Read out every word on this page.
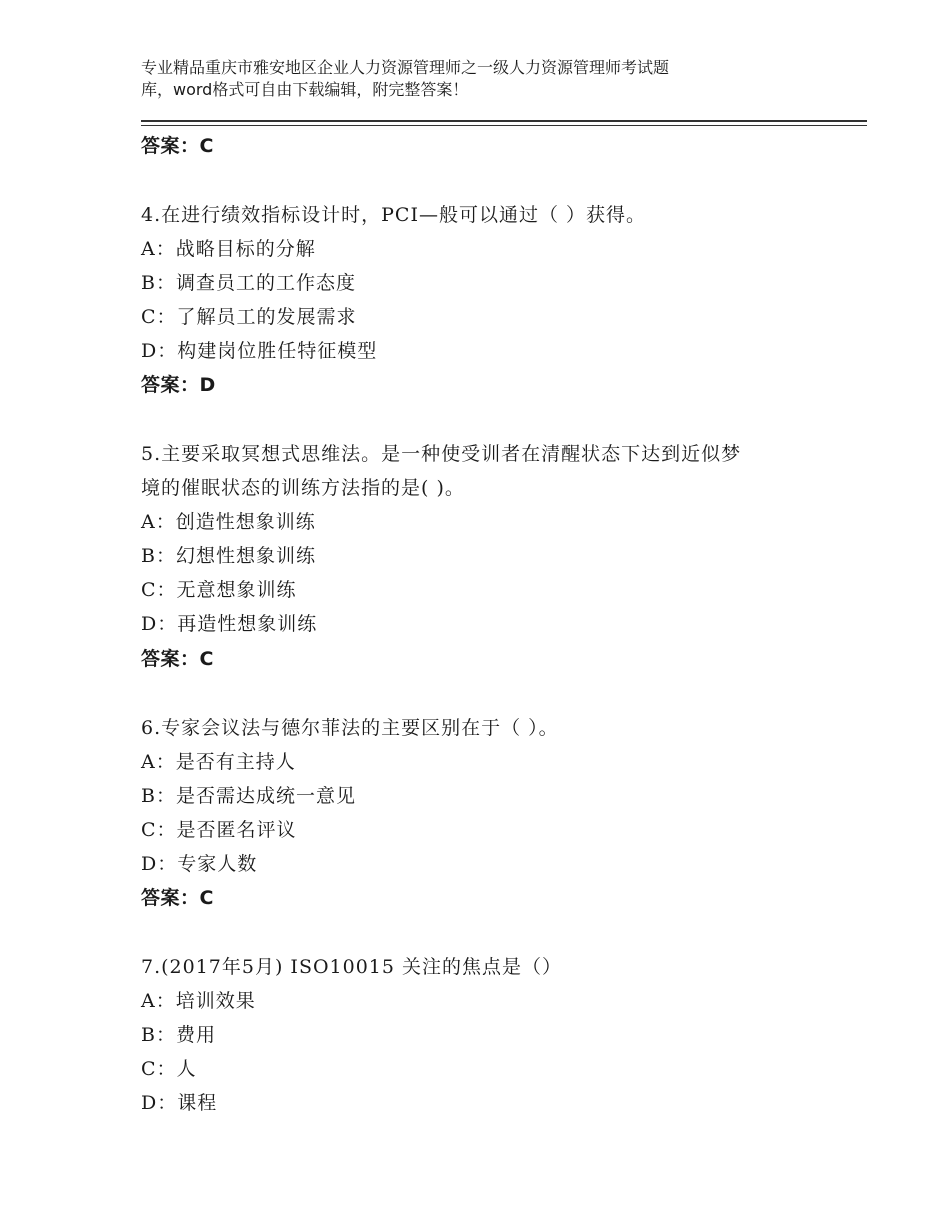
专业精品重庆市雅安地区企业人力资源管理师之一级人力资源管理师考试题
库，word格式可自由下载编辑，附完整答案！
答案：C
4.在进行绩效指标设计时，PCI—般可以通过（ ）获得。
A：战略目标的分解
B：调查员工的工作态度
C：了解员工的发展需求
D：构建岗位胜任特征模型
答案：D
5.主要采取冥想式思维法。是一种使受训者在清醒状态下达到近似梦
境的催眠状态的训练方法指的是( )。
A：创造性想象训练
B：幻想性想象训练
C：无意想象训练
D：再造性想象训练
答案：C
6.专家会议法与德尔菲法的主要区别在于（ ）。
A：是否有主持人
B：是否需达成统一意见
C：是否匿名评议
D：专家人数
答案：C
7.(2017年5月) ISO10015 关注的焦点是（）
A：培训效果
B：费用
C：人
D：课程
